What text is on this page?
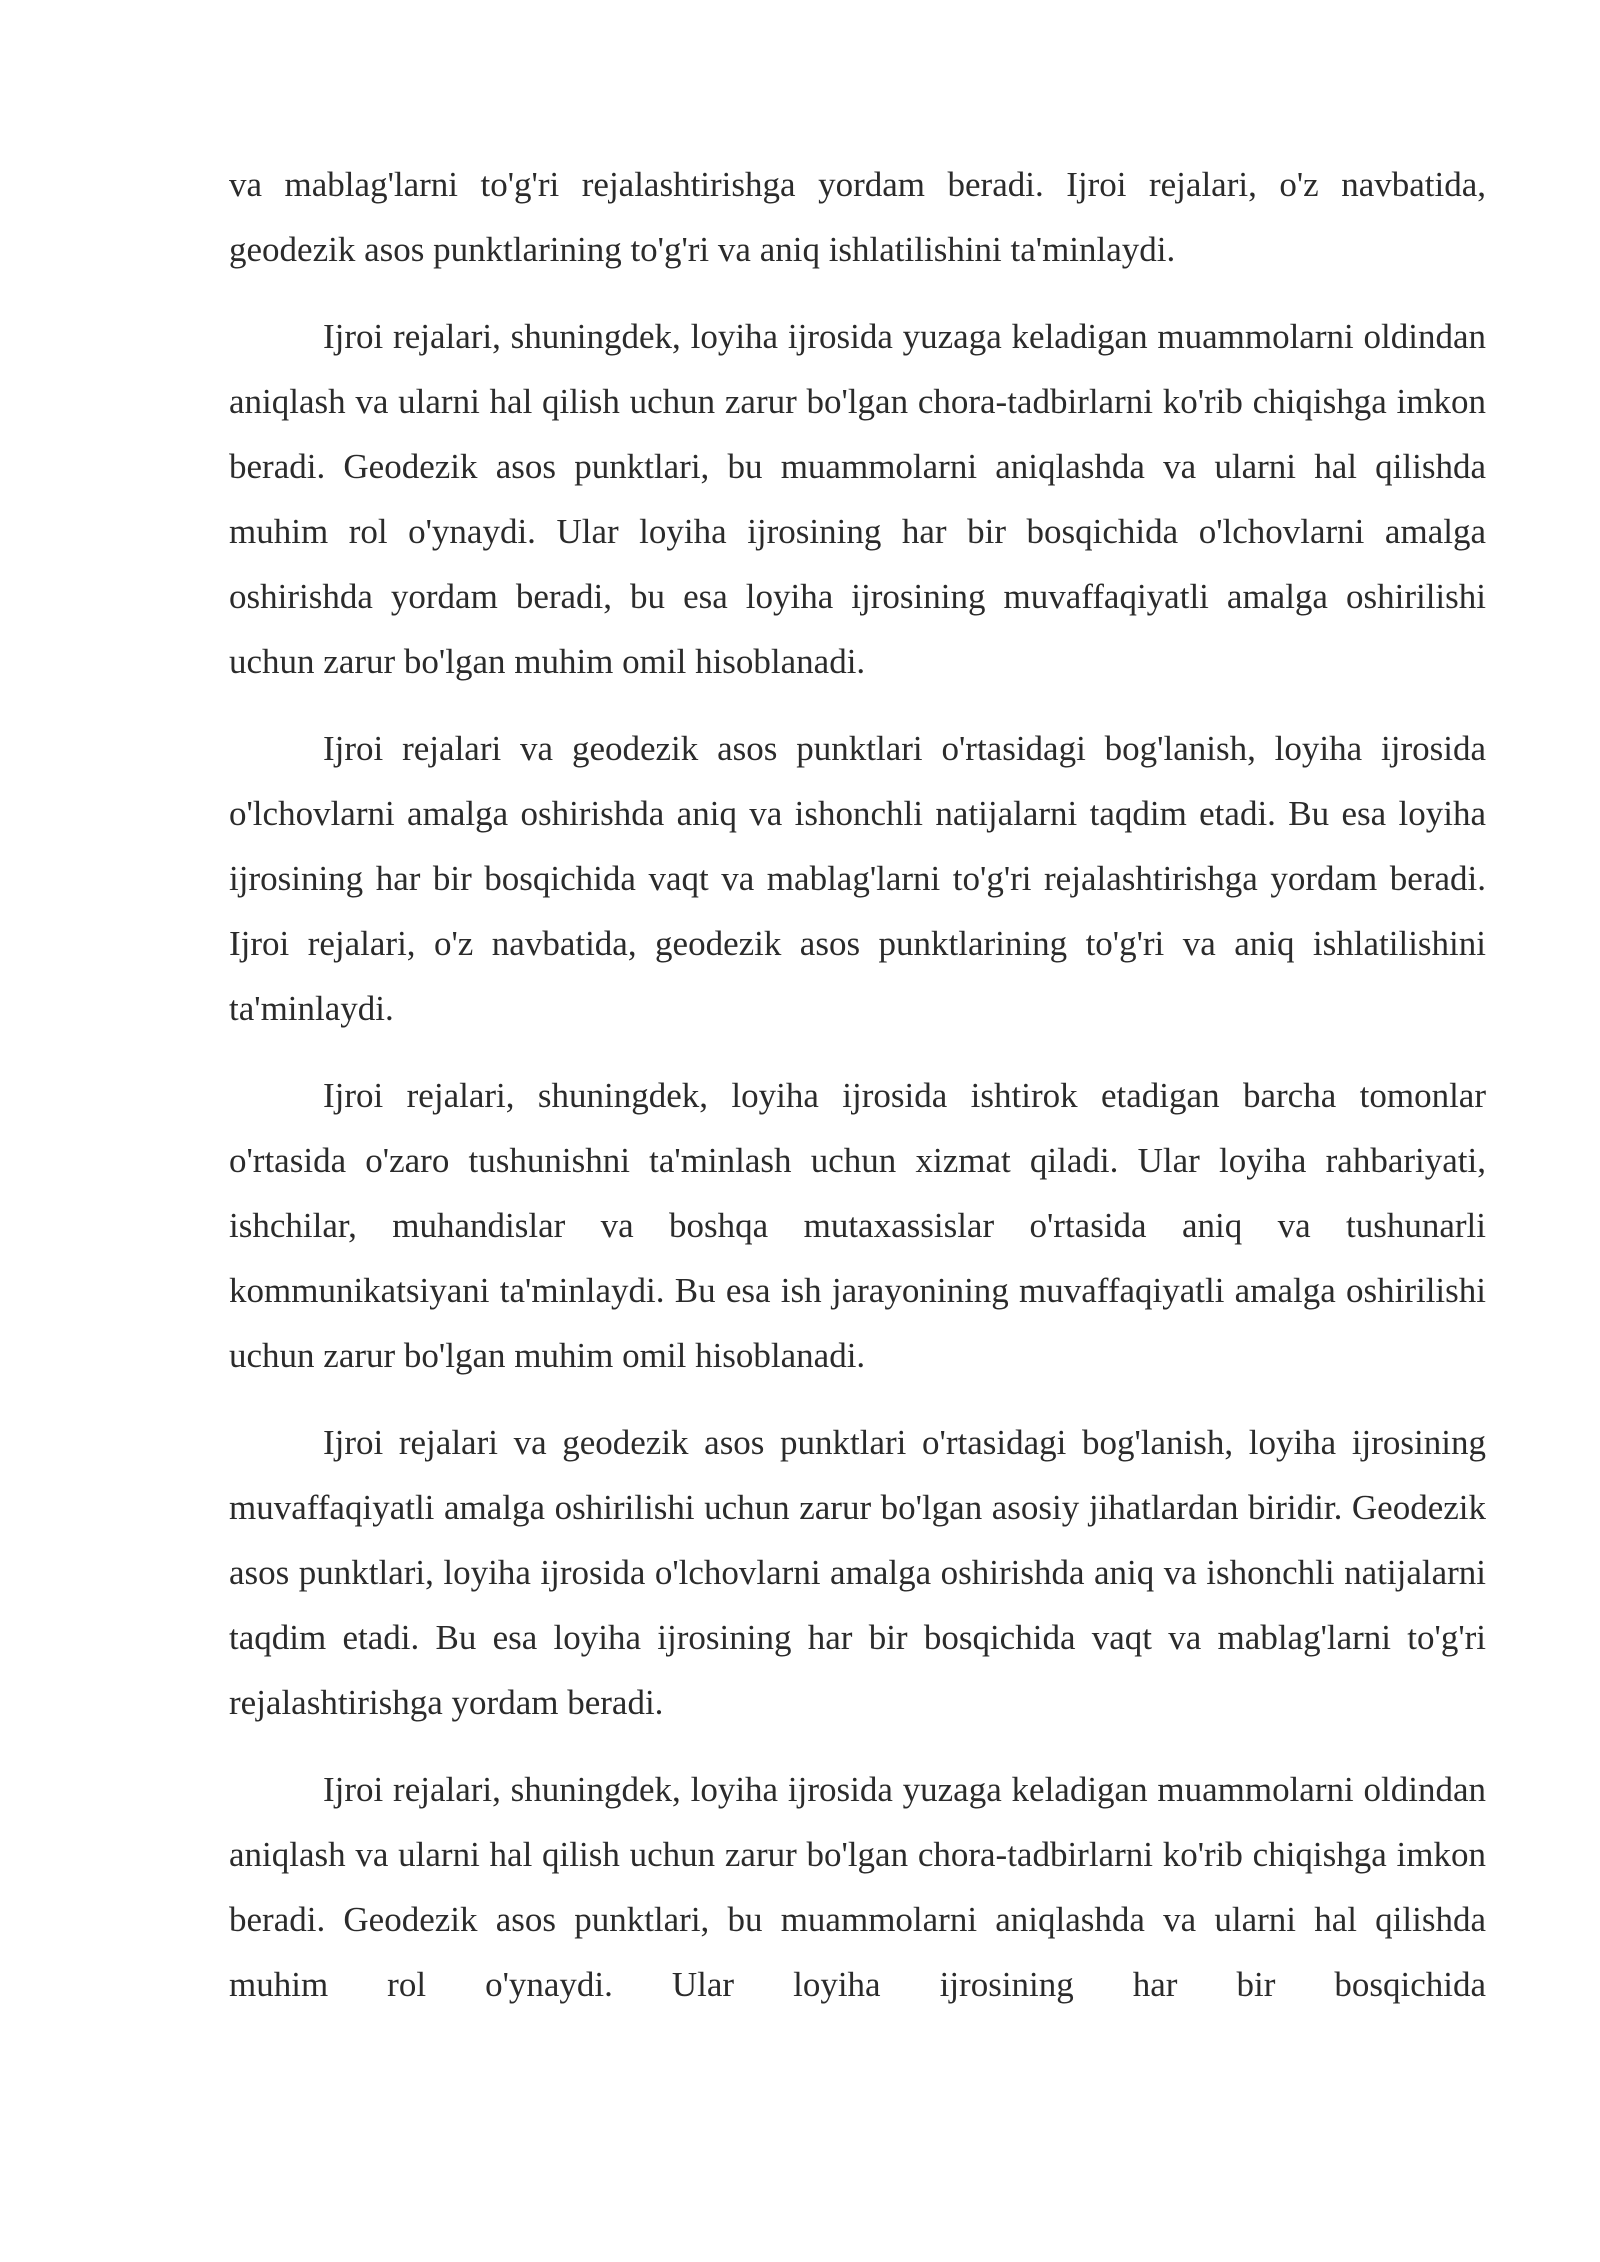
va mablag'larni to'g'ri rejalashtirishga yordam beradi. Ijroi rejalari, o'z navbatida, geodezik asos punktlarining to'g'ri va aniq ishlatilishini ta'minlaydi.

Ijroi rejalari, shuningdek, loyiha ijrosida yuzaga keladigan muammolarni oldindan aniqlash va ularni hal qilish uchun zarur bo'lgan chora-tadbirlarni ko'rib chiqishga imkon beradi. Geodezik asos punktlari, bu muammolarni aniqlashda va ularni hal qilishda muhim rol o'ynaydi. Ular loyiha ijrosining har bir bosqichida o'lchovlarni amalga oshirishda yordam beradi, bu esa loyiha ijrosining muvaffaqiyatli amalga oshirilishi uchun zarur bo'lgan muhim omil hisoblanadi.

Ijroi rejalari va geodezik asos punktlari o'rtasidagi bog'lanish, loyiha ijrosida o'lchovlarni amalga oshirishda aniq va ishonchli natijalarni taqdim etadi. Bu esa loyiha ijrosining har bir bosqichida vaqt va mablag'larni to'g'ri rejalashtirishga yordam beradi. Ijroi rejalari, o'z navbatida, geodezik asos punktlarining to'g'ri va aniq ishlatilishini ta'minlaydi.

Ijroi rejalari, shuningdek, loyiha ijrosida ishtirok etadigan barcha tomonlar o'rtasida o'zaro tushunishni ta'minlash uchun xizmat qiladi. Ular loyiha rahbariyati, ishchilar, muhandislar va boshqa mutaxassislar o'rtasida aniq va tushunarli kommunikatsiyani ta'minlaydi. Bu esa ish jarayonining muvaffaqiyatli amalga oshirilishi uchun zarur bo'lgan muhim omil hisoblanadi.

Ijroi rejalari va geodezik asos punktlari o'rtasidagi bog'lanish, loyiha ijrosining muvaffaqiyatli amalga oshirilishi uchun zarur bo'lgan asosiy jihatlardan biridir. Geodezik asos punktlari, loyiha ijrosida o'lchovlarni amalga oshirishda aniq va ishonchli natijalarni taqdim etadi. Bu esa loyiha ijrosining har bir bosqichida vaqt va mablag'larni to'g'ri rejalashtirishga yordam beradi.

Ijroi rejalari, shuningdek, loyiha ijrosida yuzaga keladigan muammolarni oldindan aniqlash va ularni hal qilish uchun zarur bo'lgan chora-tadbirlarni ko'rib chiqishga imkon beradi. Geodezik asos punktlari, bu muammolarni aniqlashda va ularni hal qilishda muhim rol o'ynaydi. Ular loyiha ijrosining har bir bosqichida
